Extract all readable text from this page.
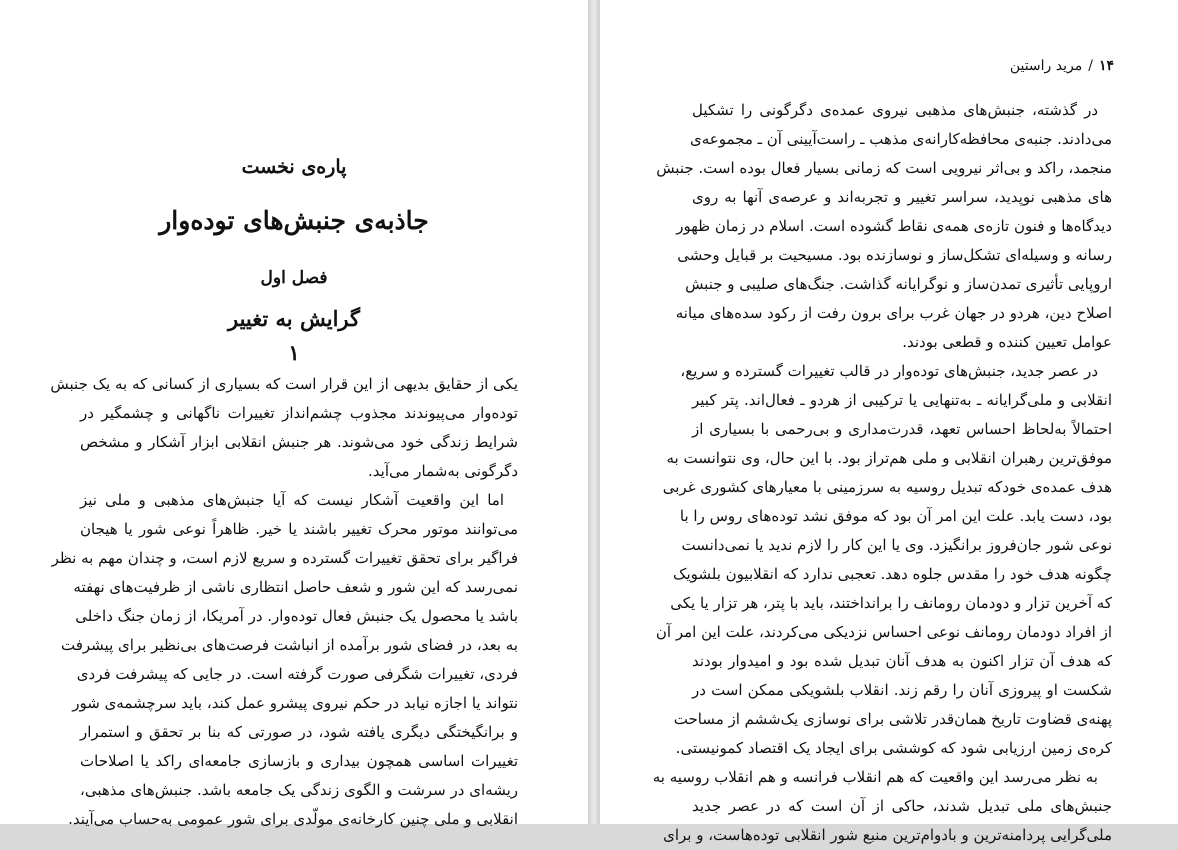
پاره‌ی نخست
جاذبه‌ی جنبش‌های توده‌وار
فصل اول
گرایش به تغییر
۱
یکی از حقایق بدیهی از این قرار است که بسیاری از کسانی که به یک جنبش
توده‌وار می‌پیوندند مجذوب چشم‌انداز تغییرات ناگهانی و چشمگیر در
شرایط زندگی خود می‌شوند. هر جنبش انقلابی ابزار آشکار و مشخص
دگرگونی به‌شمار می‌آید.
اما این واقعیت آشکار نیست که آیا جنبش‌های مذهبی و ملی نیز
می‌توانند موتور محرک تغییر باشند یا خیر. ظاهراً نوعی شور یا هیجان
فراگیر برای تحقق تغییرات گسترده و سریع لازم است، و چندان مهم به نظر
نمی‌رسد که این شور و شعف حاصل انتظاری ناشی از ظرفیت‌های نهفته
باشد یا محصول یک جنبش فعال توده‌وار. در آمریکا، از زمان جنگ داخلی
به بعد، در فضای شور برآمده از انباشت فرصت‌های بی‌نظیر برای پیشرفت
فردی، تغییرات شگرفی صورت گرفته است. در جایی که پیشرفت فردی
نتواند یا اجازه نیابد در حکم نیروی پیشرو عمل کند، باید سرچشمه‌ی شور
و برانگیختگی دیگری یافته شود، در صورتی که بنا بر تحقق و استمرار
تغییرات اساسی همچون بیداری و بازسازی جامعه‌ای راکد یا اصلاحات
ریشه‌ای در سرشت و الگوی زندگی یک جامعه باشد. جنبش‌های مذهبی،
انقلابی و ملی چنین کارخانه‌ی مولّدی برای شور عمومی به‌حساب می‌آیند.
۱۴/مرید راستین
در گذشته، جنبش‌های مذهبی نیروی عمده‌ی دگرگونی را تشکیل
می‌دادند. جنبه‌ی محافظه‌کارانه‌ی مذهب ـ راست‌آیینی آن ـ مجموعه‌ی
منجمد، راکد و بی‌اثر نیرویی است که زمانی بسیار فعال بوده است. جنبش‌
های مذهبی نوپدید، سراسر تغییر و تجربه‌اند و عرصه‌ی آنها به روی
دیدگاه‌ها و فنون تازه‌ی همه‌ی نقاط گشوده است. اسلام در زمان ظهور
رسانه و وسیله‌ای تشکل‌ساز و نوسازنده بود. مسیحیت بر قبایل وحشی
اروپایی تأثیری تمدن‌ساز و نوگرایانه گذاشت. جنگ‌های صلیبی و جنبش
اصلاح دین، هردو در جهان غرب برای برون رفت از رکود سده‌های میانه
عوامل تعیین کننده و قطعی بودند.
در عصر جدید، جنبش‌های توده‌وار در قالب تغییرات گسترده و سریع،
انقلابی و ملی‌گرایانه ـ به‌تنهایی یا ترکیبی از هردو ـ فعال‌اند. پتر کبیر
احتمالاً به‌لحاظ احساس تعهد، قدرت‌مداری و بی‌رحمی با بسیاری از
موفق‌ترین رهبران انقلابی و ملی هم‌تراز بود. با این حال، وی نتوانست به
هدف عمده‌ی خودکه تبدیل روسیه به سرزمینی با معیارهای کشوری غربی
بود، دست یابد. علت این امر آن بود که موفق نشد توده‌های روس را با
نوعی شور جان‌فروز برانگیزد. وی یا این کار را لازم ندید یا نمی‌دانست
چگونه هدف خود را مقدس جلوه دهد. تعجبی ندارد که انقلابیون بلشویک
که آخرین تزار و دودمان رومانف را برانداختند، باید با پتر، هر تزار یا یکی
از افراد دودمان رومانف نوعی احساس نزدیکی می‌کردند، علت این امر آن
که هدف آن تزار اکنون به هدف آنان تبدیل شده بود و امیدوار بودند
شکست او پیروزی آنان را رقم زند. انقلاب بلشویکی ممکن است در
پهنه‌ی قضاوت تاریخ همان‌قدر تلاشی برای نوسازی یک‌ششم از مساحت
کره‌ی زمین ارزیابی شود که کوششی برای ایجاد یک اقتصاد کمونیستی.
به نظر می‌رسد این واقعیت که هم انقلاب فرانسه و هم انقلاب روسیه به
جنبش‌های ملی تبدیل شدند، حاکی از آن است که در عصر جدید
ملی‌گرایی پردامنه‌ترین و بادوام‌ترین منبع شور انقلابی توده‌هاست، و برای
